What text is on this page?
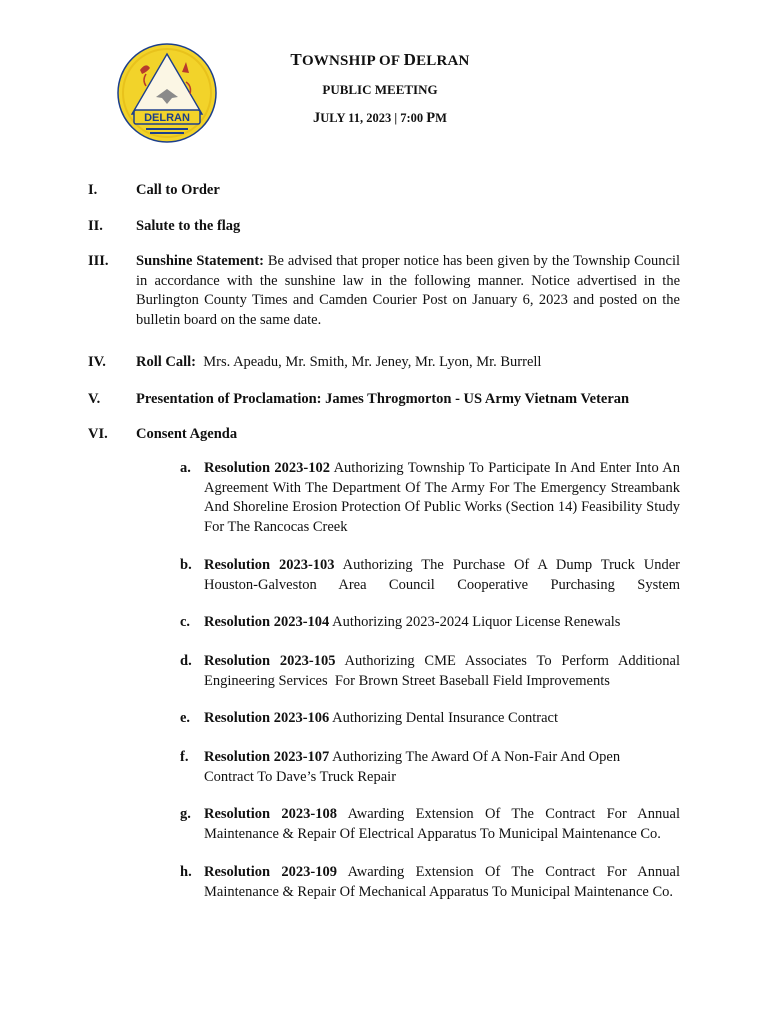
DELRAN
TOWNSHIP OF DELRAN
PUBLIC MEETING
JULY 11, 2023 | 7:00 PM
I.	Call to Order
II. Salute to the flag
III. Sunshine Statement: Be advised that proper notice has been given by the Township Council in accordance with the sunshine law in the following manner. Notice advertised in the Burlington County Times and Camden Courier Post on January 6, 2023 and posted on the bulletin board on the same date.
IV. Roll Call:  Mrs. Apeadu, Mr. Smith, Mr. Jeney, Mr. Lyon, Mr. Burrell
V. Presentation of Proclamation: James Throgmorton - US Army Vietnam Veteran
VI. Consent Agenda
a. Resolution 2023-102 Authorizing Township To Participate In And Enter Into An Agreement With The Department Of The Army For The Emergency Streambank And Shoreline Erosion Protection Of Public Works (Section 14) Feasibility Study For The Rancocas Creek
b. Resolution 2023-103 Authorizing The Purchase Of A Dump Truck Under Houston-Galveston Area Council Cooperative Purchasing System
c. Resolution 2023-104 Authorizing 2023-2024 Liquor License Renewals
d. Resolution 2023-105 Authorizing CME Associates To Perform Additional Engineering Services  For Brown Street Baseball Field Improvements
e. Resolution 2023-106 Authorizing Dental Insurance Contract
f. Resolution 2023-107 Authorizing The Award Of A Non-Fair And Open Contract To Dave’s Truck Repair
g. Resolution 2023-108 Awarding Extension Of The Contract For Annual Maintenance & Repair Of Electrical Apparatus To Municipal Maintenance Co.
h. Resolution 2023-109 Awarding Extension Of The Contract For Annual Maintenance & Repair Of Mechanical Apparatus To Municipal Maintenance Co.
